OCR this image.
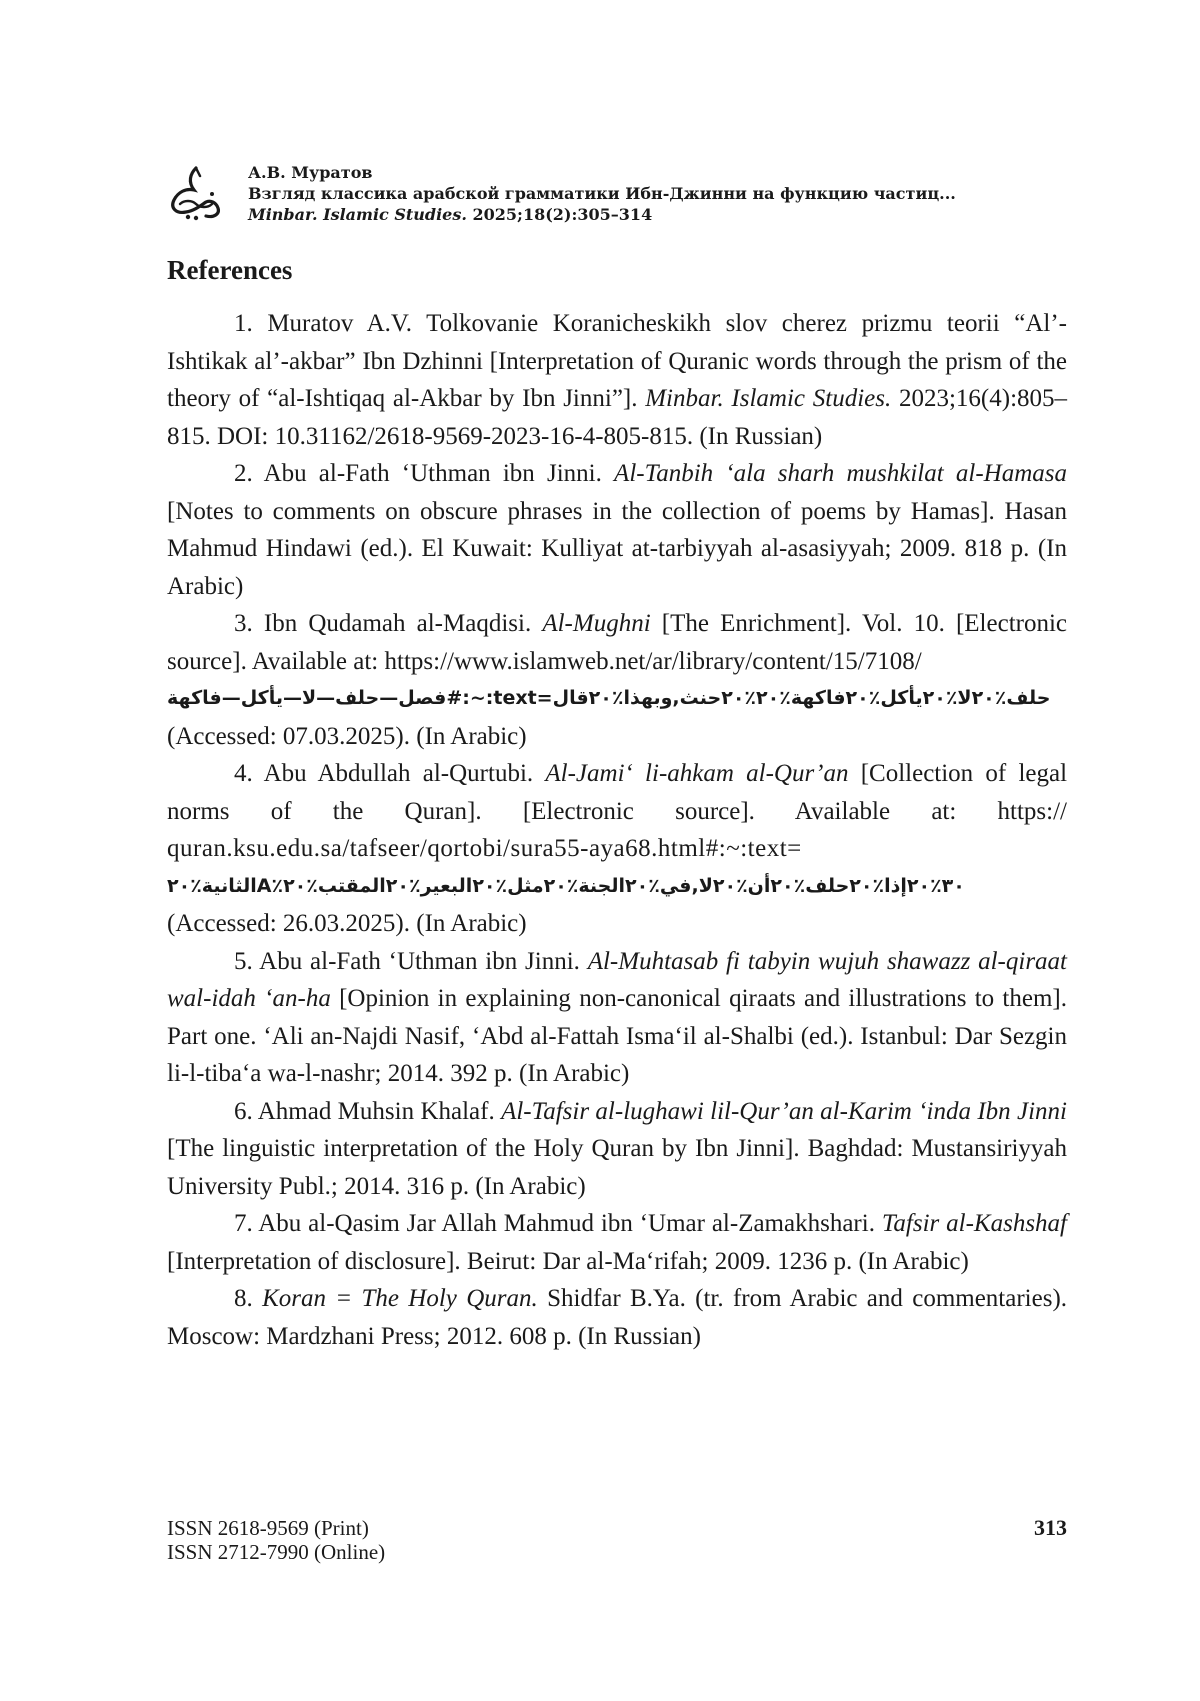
А.В. Муратов
Взгляд классика арабской грамматики Ибн-Джинни на функцию частиц...
Minbar. Islamic Studies. 2025;18(2):305–314
References

1. Muratov A.V. Tolkovanie Koranicheskikh slov cherez prizmu teorii “Al’-Ishtikak al’-akbar” Ibn Dzhinni [Interpretation of Quranic words through the prism of the theory of “al-Ishtiqaq al-Akbar by Ibn Jinni”]. Minbar. Islamic Studies. 2023;16(4):805–815. DOI: 10.31162/2618-9569-2023-16-4-805-815. (In Russian)

2. Abu al-Fath ‘Uthman ibn Jinni. Al-Tanbih ‘ala sharh mushkilat al-Hamasa [Notes to comments on obscure phrases in the collection of poems by Hamas]. Hasan Mahmud Hindawi (ed.). El Kuwait: Kulliyat at-tarbiyyah al-asasiyyah; 2009. 818 p. (In Arabic)

3. Ibn Qudamah al-Maqdisi. Al-Mughni [The Enrichment]. Vol. 10. [Electronic source]. Available at: https://www.islamweb.net/ar/library/content/15/7108/
فصل—حلف—لا—يأكل—فاكهة#:~:text=حلف٪٢٠لا٪٢٠يأكل٪٢٠فاكهة٪٢٠٪٢٠حنث,وبهذا٪٢٠قال
(Accessed: 07.03.2025). (In Arabic)

4. Abu Abdullah al-Qurtubi. Al-Jami‘ li-ahkam al-Qur’an [Collection of legal norms of the Quran]. [Electronic source]. Available at: https:// quran.ksu.edu.sa/tafseer/qortobi/sura55-aya68.html#:~:text=
الثانية٪٢٠A٪٣٠٪٢٠إذا٪٢٠حلف٪٢٠أن٪٢٠لا,في٪٢٠الجنة٪٢٠مثل٪٢٠البعير٪٢٠المقتب٪٢٠
(Accessed: 26.03.2025). (In Arabic)

5. Abu al-Fath ‘Uthman ibn Jinni. Al-Muhtasab fi tabyin wujuh shawazz al-qiraat wal-idah ‘an-ha [Opinion in explaining non-canonical qiraats and illustrations to them]. Part one. ‘Ali an-Najdi Nasif, ‘Abd al-Fattah Isma‘il al-Shalbi (ed.). Istanbul: Dar Sezgin li-l-tiba‘a wa-l-nashr; 2014. 392 p. (In Arabic)

6. Ahmad Muhsin Khalaf. Al-Tafsir al-lughawi lil-Qur’an al-Karim ‘inda Ibn Jinni [The linguistic interpretation of the Holy Quran by Ibn Jinni]. Baghdad: Mustansiriyyah University Publ.; 2014. 316 p. (In Arabic)

7. Abu al-Qasim Jar Allah Mahmud ibn ‘Umar al-Zamakhshari. Tafsir al-Kashshaf [Interpretation of disclosure]. Beirut: Dar al-Ma‘rifah; 2009. 1236 p. (In Arabic)

8. Koran = The Holy Quran. Shidfar B.Ya. (tr. from Arabic and commentaries). Moscow: Mardzhani Press; 2012. 608 p. (In Russian)

ISSN 2618-9569 (Print)
ISSN 2712-7990 (Online)
313
